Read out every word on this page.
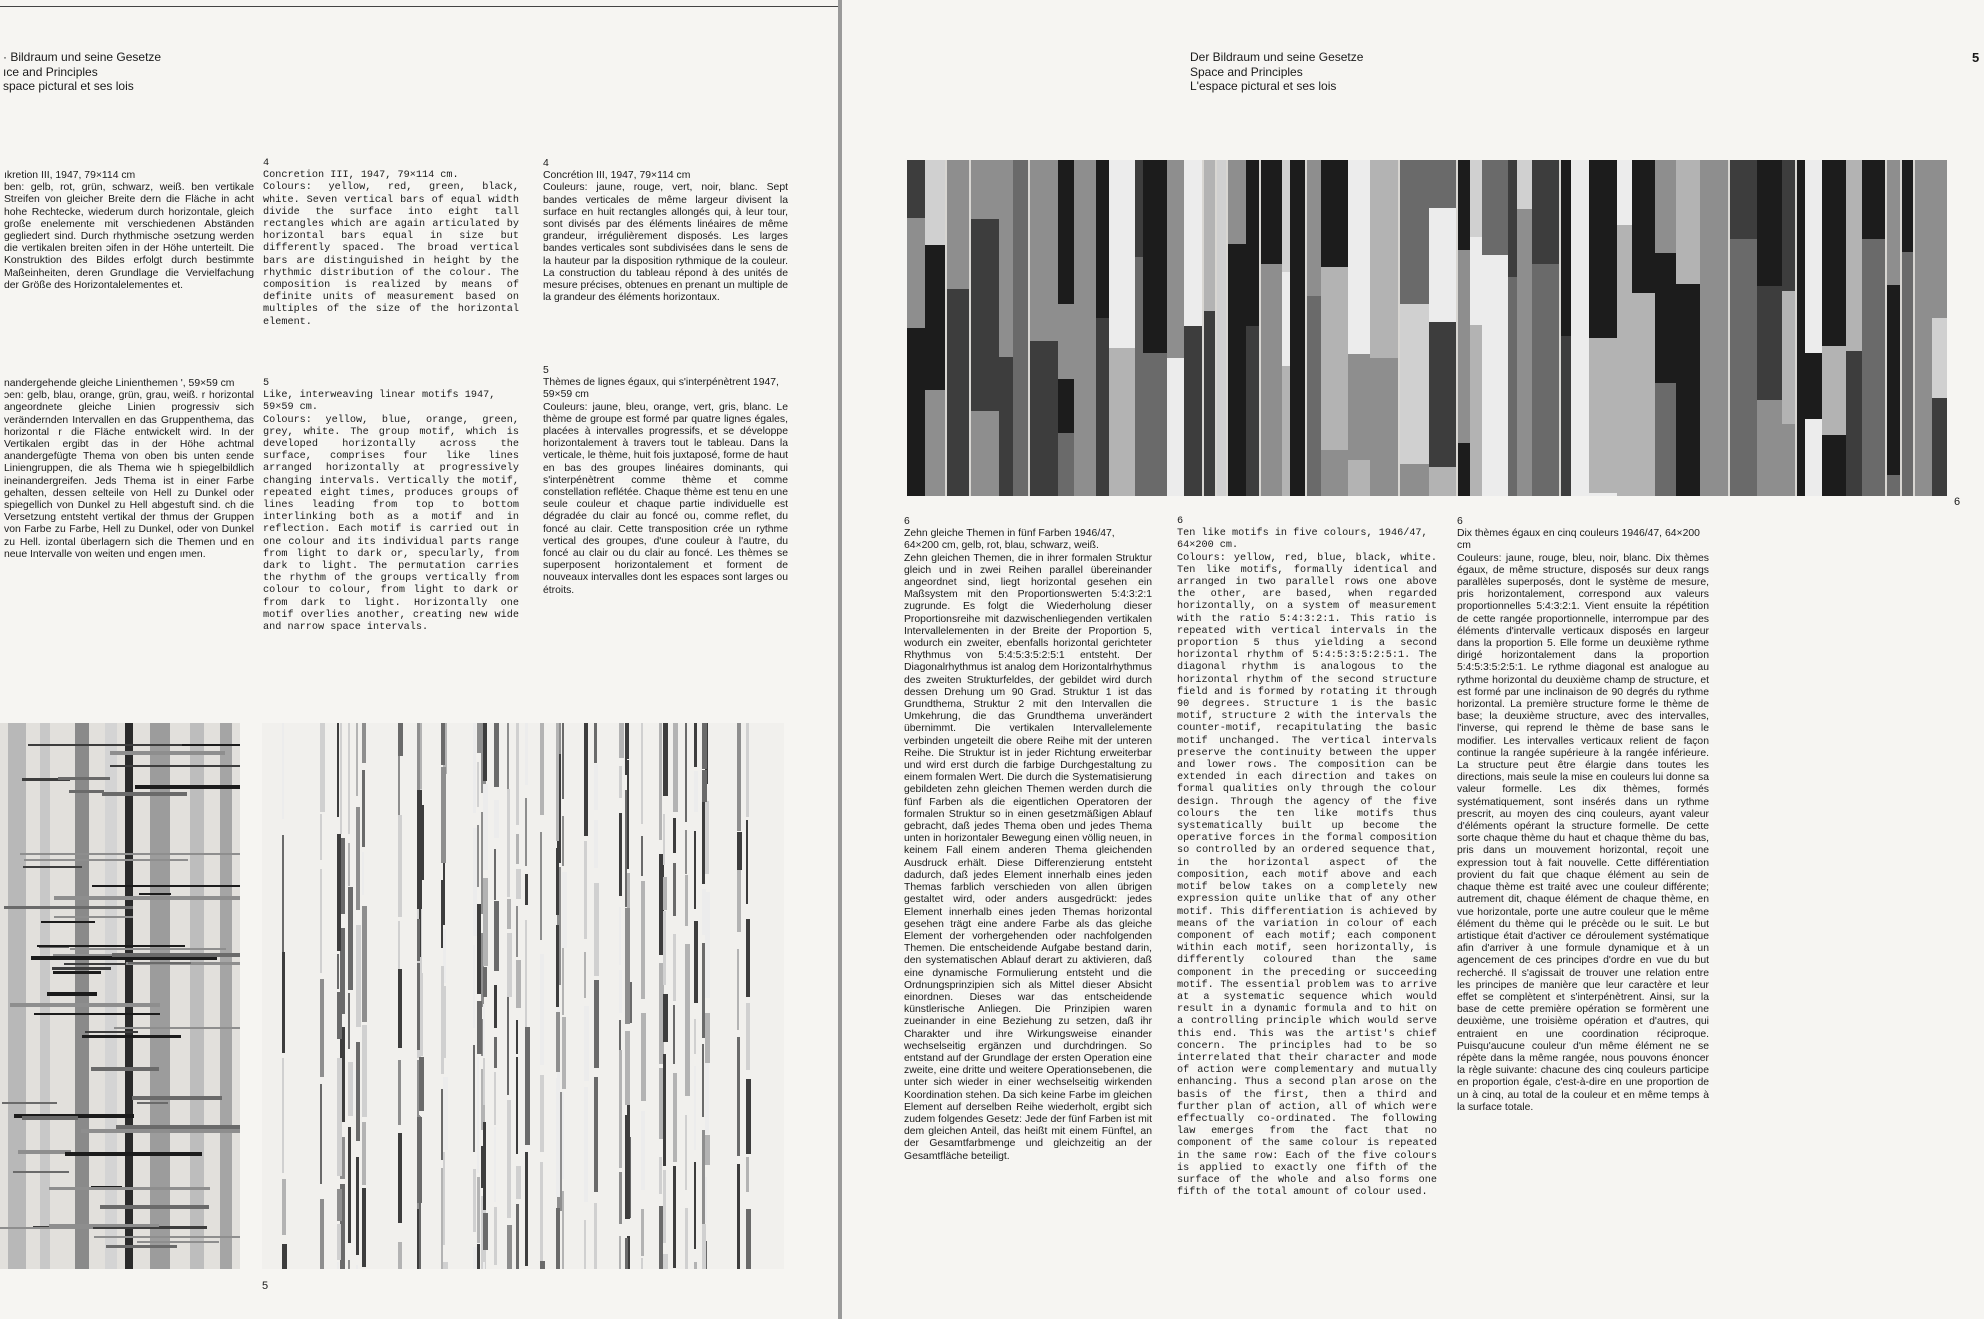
· Bildraum und seine Gesetze
ıce and Principles
space pictural et ses lois
ıkretion III, 1947, 79×114 cm

ben: gelb, rot, grün, schwarz, weiß. ben vertikale Streifen von gleicher Breite dern die Fläche in acht hohe Rechtecke, wiederum durch horizontale, gleich große enelemente mit verschiedenen Abständen gegliedert sind. Durch rhythmische ɔsetzung werden die vertikalen breiten ɔifen in der Höhe unterteilt. Die Konstruktion des Bildes erfolgt durch bestimmte Maßeinheiten, deren Grundlage die Vervielfachung der Größe des Horizontalelementes et.

4
Concretion III, 1947, 79×114 cm.

Colours: yellow, red, green, black, white. Seven vertical bars of equal width divide the surface into eight tall rectangles which are again articulated by horizontal bars equal in size but differently spaced. The broad vertical bars are distinguished in height by the rhythmic distribution of the colour. The composition is realized by means of definite units of measurement based on multiples of the size of the horizontal element.

4
Concrétion III, 1947, 79×114 cm

Couleurs: jaune, rouge, vert, noir, blanc. Sept bandes verticales de même largeur divisent la surface en huit rectangles allongés qui, à leur tour, sont divisés par des éléments linéaires de même grandeur, irrégulièrement disposés. Les larges bandes verticales sont subdivisées dans le sens de la hauteur par la disposition rythmique de la couleur. La construction du tableau répond à des unités de mesure précises, obtenues en prenant un multiple de la grandeur des éléments horizontaux.

nandergehende gleiche Linienthemen ', 59×59 cm

ɔen: gelb, blau, orange, grün, grau, weiß. r horizontal angeordnete gleiche Linien progressiv sich verändernden Intervallen en das Gruppenthema, das horizontal r die Fläche entwickelt wird. In der Vertikalen ergibt das in der Höhe achtmal anandergefügte Thema von oben bis unten ɛende Liniengruppen, die als Thema wie h spiegelbildlich ineinandergreifen. Jeds Thema ist in einer Farbe gehalten, dessen ɛelteile von Hell zu Dunkel oder spiegellich von Dunkel zu Hell abgestuft sind. ch die Versetzung entsteht vertikal der thmus der Gruppen von Farbe zu Farbe, Hell zu Dunkel, oder von Dunkel zu Hell. izontal überlagern sich die Themen und en neue Intervalle von weiten und engen ımen.

5
Like, interweaving linear motifs 1947, 59×59 cm.

Colours: yellow, blue, orange, green, grey, white. The group motif, which is developed horizontally across the surface, comprises four like lines arranged horizontally at progressively changing intervals. Vertically the motif, repeated eight times, produces groups of lines leading from top to bottom interlinking both as a motif and in reflection. Each motif is carried out in one colour and its individual parts range from light to dark or, specularly, from dark to light. The permutation carries the rhythm of the groups vertically from colour to colour, from light to dark or from dark to light. Horizontally one motif overlies another, creating new wide and narrow space intervals.

5
Thèmes de lignes égaux, qui s'interpénètrent 1947, 59×59 cm

Couleurs: jaune, bleu, orange, vert, gris, blanc. Le thème de groupe est formé par quatre lignes égales, placées à intervalles progressifs, et se développe horizontalement à travers tout le tableau. Dans la verticale, le thème, huit fois juxtaposé, forme de haut en bas des groupes linéaires dominants, qui s'interpénètrent comme thème et comme constellation reflétée. Chaque thème est tenu en une seule couleur et chaque partie individuelle est dégradée du clair au foncé ou, comme reflet, du foncé au clair. Cette transposition crée un rythme vertical des groupes, d'une couleur à l'autre, du foncé au clair ou du clair au foncé. Les thèmes se superposent horizontalement et forment de nouveaux intervalles dont les espaces sont larges ou étroits.

5
Der Bildraum und seine Gesetze
Space and Principles
L'espace pictural et ses lois
5
6
6
Zehn gleiche Themen in fünf Farben 1946/47, 64×200 cm, gelb, rot, blau, schwarz, weiß.

Zehn gleichen Themen, die in ihrer formalen Struktur gleich und in zwei Reihen parallel übereinander angeordnet sind, liegt horizontal gesehen ein Maßsystem mit den Proportionswerten 5:4:3:2:1 zugrunde. Es folgt die Wiederholung dieser Proportionsreihe mit dazwischenliegenden vertikalen Intervallelementen in der Breite der Proportion 5, wodurch ein zweiter, ebenfalls horizontal gerichteter Rhythmus von 5:4:5:3:5:2:5:1 entsteht. Der Diagonalrhythmus ist analog dem Horizontalrhythmus des zweiten Strukturfeldes, der gebildet wird durch dessen Drehung um 90 Grad. Struktur 1 ist das Grundthema, Struktur 2 mit den Intervallen die Umkehrung, die das Grundthema unverändert übernimmt. Die vertikalen Intervallelemente verbinden ungeteilt die obere Reihe mit der unteren Reihe. Die Struktur ist in jeder Richtung erweiterbar und wird erst durch die farbige Durchgestaltung zu einem formalen Wert. Die durch die Systematisierung gebildeten zehn gleichen Themen werden durch die fünf Farben als die eigentlichen Operatoren der formalen Struktur so in einen gesetzmäßigen Ablauf gebracht, daß jedes Thema oben und jedes Thema unten in horizontaler Bewegung einen völlig neuen, in keinem Fall einem anderen Thema gleichenden Ausdruck erhält. Diese Differenzierung entsteht dadurch, daß jedes Element innerhalb eines jeden Themas farblich verschieden von allen übrigen gestaltet wird, oder anders ausgedrückt: jedes Element innerhalb eines jeden Themas horizontal gesehen trägt eine andere Farbe als das gleiche Element der vorhergehenden oder nachfolgenden Themen. Die entscheidende Aufgabe bestand darin, den systematischen Ablauf derart zu aktivieren, daß eine dynamische Formulierung entsteht und die Ordnungsprinzipien sich als Mittel dieser Absicht einordnen. Dieses war das entscheidende künstlerische Anliegen. Die Prinzipien waren zueinander in eine Beziehung zu setzen, daß ihr Charakter und ihre Wirkungsweise einander wechselseitig ergänzen und durchdringen. So entstand auf der Grundlage der ersten Operation eine zweite, eine dritte und weitere Operationsebenen, die unter sich wieder in einer wechselseitig wirkenden Koordination stehen. Da sich keine Farbe im gleichen Element auf derselben Reihe wiederholt, ergibt sich zudem folgendes Gesetz: Jede der fünf Farben ist mit dem gleichen Anteil, das heißt mit einem Fünftel, an der Gesamtfarbmenge und gleichzeitig an der Gesamtfläche beteiligt.

6
Ten like motifs in five colours, 1946/47, 64×200 cm.

Colours: yellow, red, blue, black, white. Ten like motifs, formally identical and arranged in two parallel rows one above the other, are based, when regarded horizontally, on a system of measurement with the ratio 5:4:3:2:1. This ratio is repeated with vertical intervals in the proportion 5 thus yielding a second horizontal rhythm of 5:4:5:3:5:2:5:1. The diagonal rhythm is analogous to the horizontal rhythm of the second structure field and is formed by rotating it through 90 degrees. Structure 1 is the basic motif, structure 2 with the intervals the counter-motif, recapitulating the basic motif unchanged. The vertical intervals preserve the continuity between the upper and lower rows. The composition can be extended in each direction and takes on formal qualities only through the colour design. Through the agency of the five colours the ten like motifs thus systematically built up become the operative forces in the formal composition so controlled by an ordered sequence that, in the horizontal aspect of the composition, each motif above and each motif below takes on a completely new expression quite unlike that of any other motif. This differentiation is achieved by means of the variation in colour of each component of each motif; each component within each motif, seen horizontally, is differently coloured than the same component in the preceding or succeeding motif. The essential problem was to arrive at a systematic sequence which would result in a dynamic formula and to hit on a controlling principle which would serve this end. This was the artist's chief concern. The principles had to be so interrelated that their character and mode of action were complementary and mutually enhancing. Thus a second plan arose on the basis of the first, then a third and further plan of action, all of which were effectually co-ordinated. The following law emerges from the fact that no component of the same colour is repeated in the same row: Each of the five colours is applied to exactly one fifth of the surface of the whole and also forms one fifth of the total amount of colour used.

6
Dix thèmes égaux en cinq couleurs 1946/47, 64×200 cm

Couleurs: jaune, rouge, bleu, noir, blanc. Dix thèmes égaux, de même structure, disposés sur deux rangs parallèles superposés, dont le système de mesure, pris horizontalement, correspond aux valeurs proportionnelles 5:4:3:2:1. Vient ensuite la répétition de cette rangée proportionnelle, interrompue par des éléments d'intervalle verticaux disposés en largeur dans la proportion 5. Elle forme un deuxième rythme dirigé horizontalement dans la proportion 5:4:5:3:5:2:5:1. Le rythme diagonal est analogue au rythme horizontal du deuxième champ de structure, et est formé par une inclinaison de 90 degrés du rythme horizontal. La première structure forme le thème de base; la deuxième structure, avec des intervalles, l'inverse, qui reprend le thème de base sans le modifier. Les intervalles verticaux relient de façon continue la rangée supérieure à la rangée inférieure. La structure peut être élargie dans toutes les directions, mais seule la mise en couleurs lui donne sa valeur formelle. Les dix thèmes, formés systématiquement, sont insérés dans un rythme prescrit, au moyen des cinq couleurs, ayant valeur d'éléments opérant la structure formelle. De cette sorte chaque thème du haut et chaque thème du bas, pris dans un mouvement horizontal, reçoit une expression tout à fait nouvelle. Cette différentiation provient du fait que chaque élément au sein de chaque thème est traité avec une couleur différente; autrement dit, chaque élément de chaque thème, en vue horizontale, porte une autre couleur que le même élément du thème qui le précède ou le suit. Le but artistique était d'activer ce déroulement systématique afin d'arriver à une formule dynamique et à un agencement de ces principes d'ordre en vue du but recherché. Il s'agissait de trouver une relation entre les principes de manière que leur caractère et leur effet se complètent et s'interpénètrent. Ainsi, sur la base de cette première opération se formèrent une deuxième, une troisième opération et d'autres, qui entraient en une coordination réciproque. Puisqu'aucune couleur d'un même élément ne se répète dans la même rangée, nous pouvons énoncer la règle suivante: chacune des cinq couleurs participe en proportion égale, c'est-à-dire en une proportion de un à cinq, au total de la couleur et en même temps à la surface totale.
